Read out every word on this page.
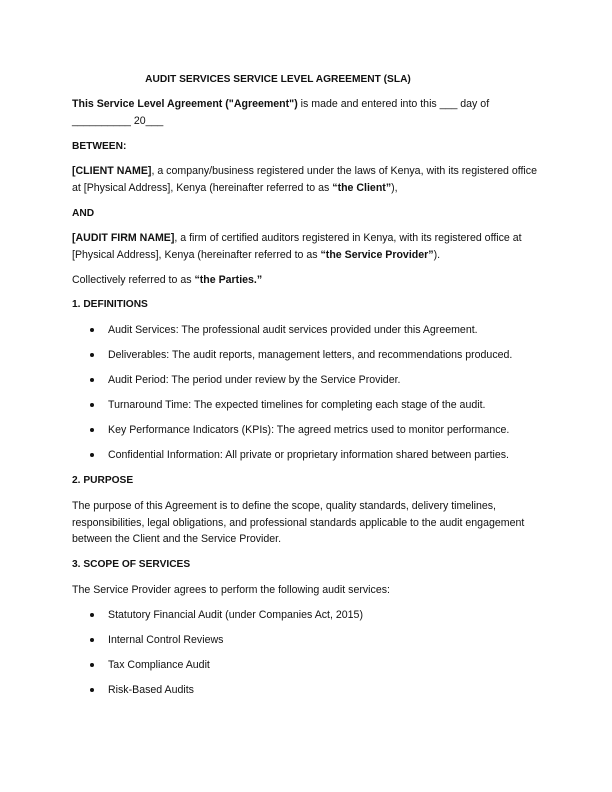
AUDIT SERVICES SERVICE LEVEL AGREEMENT (SLA)

This Service Level Agreement ("Agreement") is made and entered into this ___ day of

__________ 20___

BETWEEN:

[CLIENT NAME], a company/business registered under the laws of Kenya, with its registered office at [Physical Address], Kenya (hereinafter referred to as “the Client”),

AND

[AUDIT FIRM NAME], a firm of certified auditors registered in Kenya, with its registered office at [Physical Address], Kenya (hereinafter referred to as “the Service Provider”).

Collectively referred to as “the Parties.”

1. DEFINITIONS
Audit Services: The professional audit services provided under this Agreement.
Deliverables: The audit reports, management letters, and recommendations produced.
Audit Period: The period under review by the Service Provider.
Turnaround Time: The expected timelines for completing each stage of the audit.
Key Performance Indicators (KPIs): The agreed metrics used to monitor performance.
Confidential Information: All private or proprietary information shared between parties.
2. PURPOSE

The purpose of this Agreement is to define the scope, quality standards, delivery timelines, responsibilities, legal obligations, and professional standards applicable to the audit engagement between the Client and the Service Provider.

3. SCOPE OF SERVICES
The Service Provider agrees to perform the following audit services:
Statutory Financial Audit (under Companies Act, 2015)
Internal Control Reviews
Tax Compliance Audit
Risk-Based Audits
